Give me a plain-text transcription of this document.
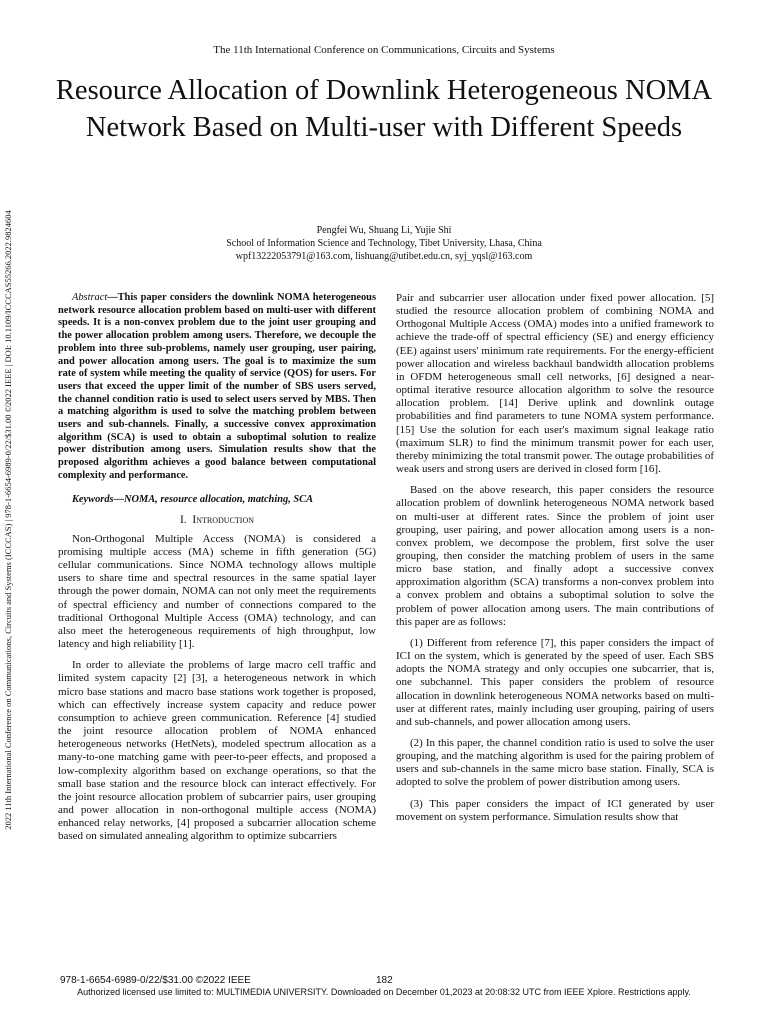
The 11th International Conference on Communications, Circuits and Systems
Resource Allocation of Downlink Heterogeneous NOMA Network Based on Multi-user with Different Speeds
Pengfei Wu, Shuang Li, Yujie Shi
School of Information Science and Technology, Tibet University, Lhasa, China
wpf13222053791@163.com, lishuang@utibet.edu.cn, syj_yqsl@163.com
2022 11th International Conference on Communications, Circuits and Systems (ICCCAS) | 978-1-6654-6989-0/22/$31.00 ©2022 IEEE | DOI: 10.1109/ICCCAS55266.2022.9824604	Abstract—This paper considers the downlink NOMA heterogeneous network resource allocation problem based on multi-user with different speeds. It is a non-convex problem due to the joint user grouping and the power allocation problem among users. Therefore, we decouple the problem into three sub-problems, namely user grouping, user pairing, and power allocation among users. The goal is to maximize the sum rate of system while meeting the quality of service (QOS) for users. For users that exceed the upper limit of the number of SBS users served, the channel condition ratio is used to select users served by MBS. Then a matching algorithm is used to solve the matching problem between users and sub-channels. Finally, a successive convex approximation algorithm (SCA) is used to obtain a suboptimal solution to realize power distribution among users. Simulation results show that the proposed algorithm achieves a good balance between computational complexity and performance.

Keywords—NOMA, resource allocation, matching, SCA

I. Introduction

Non-Orthogonal Multiple Access (NOMA) is considered a promising multiple access (MA) scheme in fifth generation (5G) cellular communications. Since NOMA technology allows multiple users to share time and spectral resources in the same spatial layer through the power domain, NOMA can not only meet the requirements of spectral efficiency and number of connections compared to the traditional Orthogonal Multiple Access (OMA) technology, and can also meet the heterogeneous requirements of high throughput, low latency and high reliability [1].

In order to alleviate the problems of large macro cell traffic and limited system capacity [2] [3], a heterogeneous network in which micro base stations and macro base stations work together is proposed, which can effectively increase system capacity and reduce power consumption to achieve green communication. Reference [4] studied the joint resource allocation problem of NOMA enhanced heterogeneous networks (HetNets), modeled spectrum allocation as a many-to-one matching game with peer-to-peer effects, and proposed a low-complexity algorithm based on exchange operations, so that the small base station and the resource block can interact effectively. For the joint resource allocation problem of subcarrier pairs, user grouping and power allocation in non-orthogonal multiple access (NOMA) enhanced relay networks, [4] proposed a subcarrier allocation scheme based on simulated annealing algorithm to optimize subcarriers

Pair and subcarrier user allocation under fixed power allocation. [5] studied the resource allocation problem of combining NOMA and Orthogonal Multiple Access (OMA) modes into a unified framework to achieve the trade-off of spectral efficiency (SE) and energy efficiency (EE) against users' minimum rate requirements. For the energy-efficient power allocation and wireless backhaul bandwidth allocation problems in OFDM heterogeneous small cell networks, [6] designed a near-optimal iterative resource allocation algorithm to solve the resource allocation problem. [14] Derive uplink and downlink outage probabilities and find parameters to tune NOMA system performance. [15] Use the solution for each user's maximum signal leakage ratio (maximum SLR) to find the minimum transmit power for each user, thereby minimizing the total transmit power. The outage probabilities of weak users and strong users are derived in closed form [16].

Based on the above research, this paper considers the resource allocation problem of downlink heterogeneous NOMA network based on multi-user at different rates. Since the problem of joint user grouping, user pairing, and power allocation among users is a non-convex problem, we decompose the problem, first solve the user grouping, then consider the matching problem of users in the same micro base station, and finally adopt a successive convex approximation algorithm (SCA) transforms a non-convex problem into a convex problem and obtains a suboptimal solution to solve the problem of power allocation among users. The main contributions of this paper are as follows:

(1) Different from reference [7], this paper considers the impact of ICI on the system, which is generated by the speed of user. Each SBS adopts the NOMA strategy and only occupies one subcarrier, that is, one subchannel. This paper considers the problem of resource allocation in downlink heterogeneous NOMA networks based on multi-user at different rates, mainly including user grouping, pairing of users and sub-channels, and power allocation among users.

(2) In this paper, the channel condition ratio is used to solve the user grouping, and the matching algorithm is used for the pairing problem of users and sub-channels in the same micro base station. Finally, SCA is adopted to solve the problem of power distribution among users.

(3) This paper considers the impact of ICI generated by user movement on system performance. Simulation results show that

978-1-6654-6989-0/22/$31.00 ©2022 IEEE	182
Authorized licensed use limited to: MULTIMEDIA UNIVERSITY. Downloaded on December 01,2023 at 20:08:32 UTC from IEEE Xplore. Restrictions apply.
